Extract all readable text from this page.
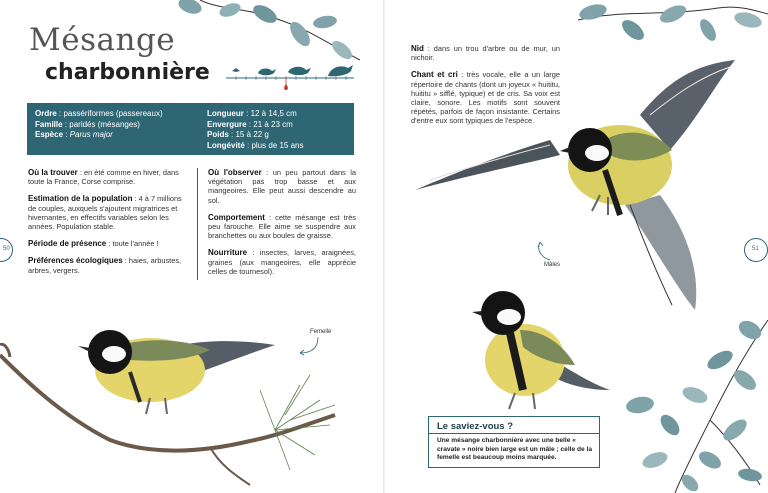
Mésange
charbonnière
Ordre : passériformes (passereaux)
Famille : paridés (mésanges)
Espèce : Parus major
Longueur : 12 à 14,5 cm
Envergure : 21 à 23 cm
Poids : 15 à 22 g
Longévité : plus de 15 ans

Où la trouver : en été comme en hiver, dans toute la France, Corse comprise.

Estimation de la population : 4 à 7 millions de couples, auxquels s'ajoutent migratrices et hivernantes, en effectifs variables selon les années. Population stable.

Période de présence : toute l'année !

Préférences écologiques : haies, arbustes, arbres, vergers.

Où l'observer : un peu partout dans la végétation pas trop basse et aux mangeoires. Elle peut aussi descendre au sol.

Comportement : cette mésange est très peu farouche. Elle aime se suspendre aux branchettes ou aux boules de graisse.

Nourriture : insectes, larves, araignées, graines (aux mangeoires, elle apprécie celles de tournesol).

50	51
Femelle

Nid : dans un trou d'arbre ou de mur, un nichoir.

Chant et cri : très vocale, elle a un large répertoire de chants (dont un joyeux « huititu, huititu » sifflé, typique) et de cris. Sa voix est claire, sonore. Les motifs sont souvent répétés, parfois de façon insistante. Certains d'entre eux sont typiques de l'espèce.

Mâles
Le saviez-vous ?
Une mésange charbonnière avec une belle « cravate » noire bien large est un mâle ; celle de la femelle est beaucoup moins marquée.
